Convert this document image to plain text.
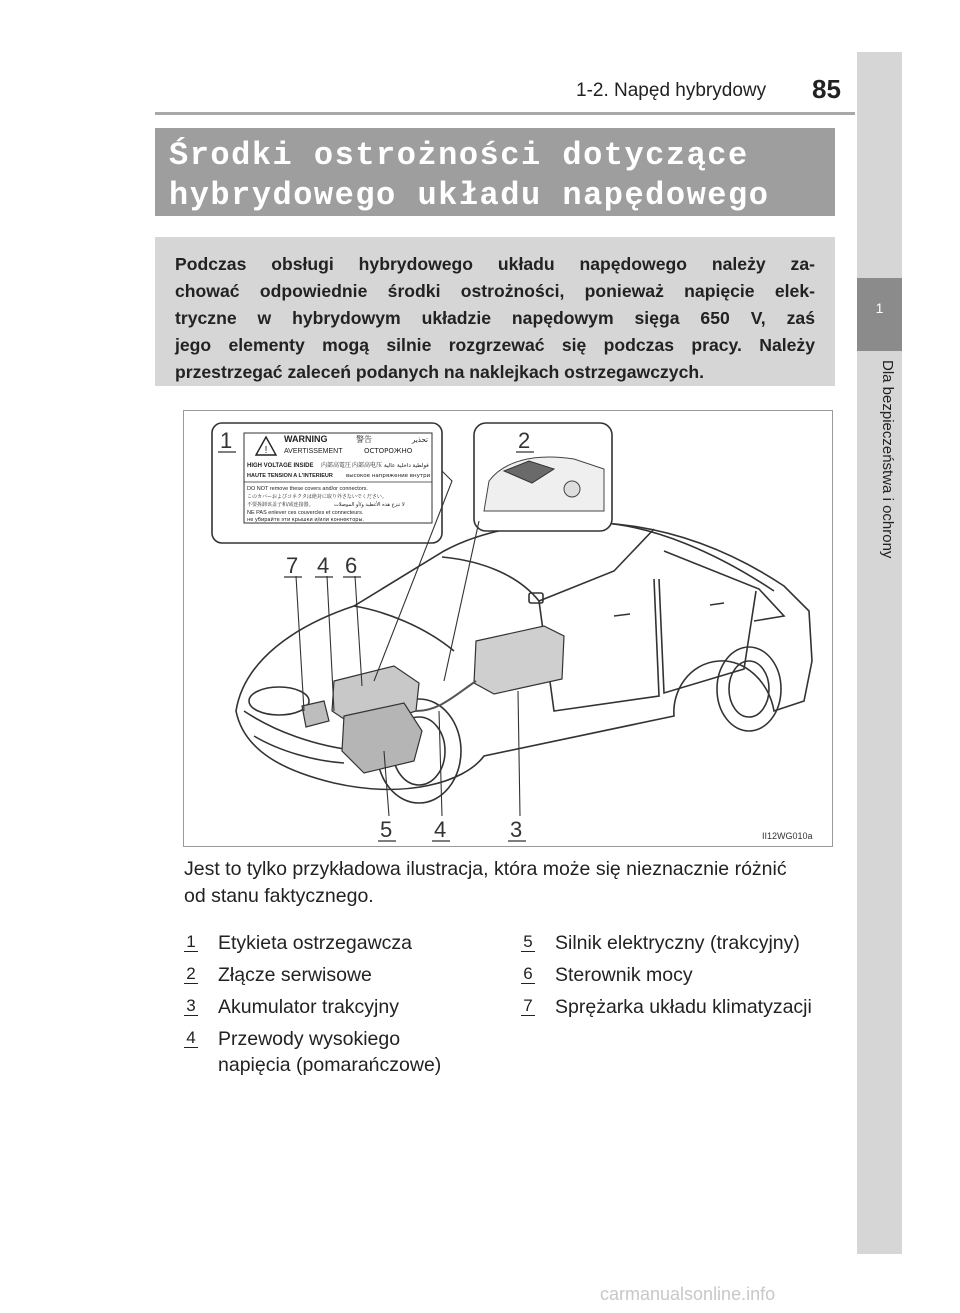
1-2. Napęd hybrydowy 85
1
Dla bezpieczeństwa i ochrony
Środki ostrożności dotyczące
hybrydowego układu napędowego
Podczas obsługi hybrydowego układu napędowego należy za-
chować odpowiednie środki ostrożności, ponieważ napięcie elek-
tryczne w hybrydowym układzie napędowym sięga 650 V, zaś
jego elementy mogą silnie rozgrzewać się podczas pracy. Należy
przestrzegać zaleceń podanych na naklejkach ostrzegawczych.
!
WARNING	警告	تحذير
AVERTISSEMENT	ОСТОРОЖНО
HIGH VOLTAGE INSIDE 内部高電圧 内部高电压 فولطية داخلية عالية
HAUTE TENSION A L'INTERIEUR высокое напряжение внутри
DO NOT remove these covers and/or connectors.
このカバーおよびコネクタは絶対に取り外さないでください。
不要拆卸该盖子和/或连接器。	لا تنزع هذه الأغطية و/أو الموصلات
NE PAS enlever ces couvercles et connecteurs.
не убирайте эти крышки и/или коннекторы.
1	2
7 4 6
5 4	3	II12WG010a
Jest to tylko przykładowa ilustracja, która może się nieznacznie różnić
od stanu faktycznego.
1 Etykieta ostrzegawcza
2 Złącze serwisowe
3 Akumulator trakcyjny
4 Przewody wysokiego
napięcia (pomarańczowe)
5 Silnik elektryczny (trakcyjny)
6 Sterownik mocy
7 Sprężarka układu klimatyzacji
carmanualsonline.info
